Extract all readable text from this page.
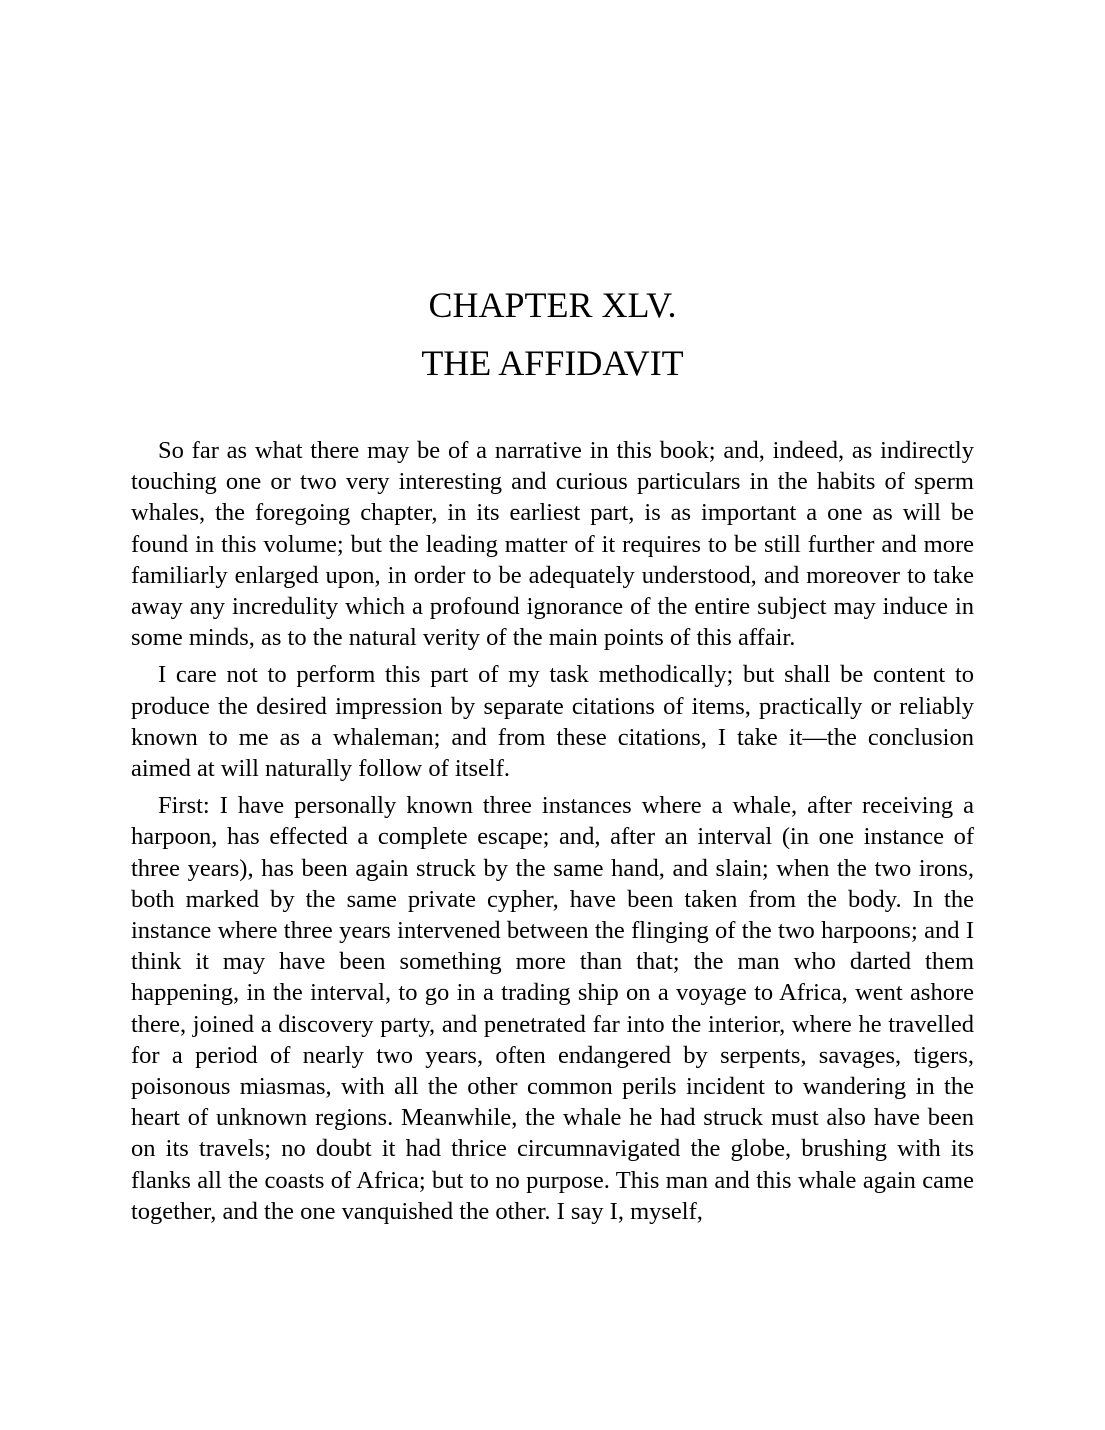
CHAPTER XLV.
THE AFFIDAVIT

So far as what there may be of a narrative in this book; and, indeed, as indirectly touching one or two very interesting and curious particulars in the habits of sperm whales, the foregoing chapter, in its earliest part, is as important a one as will be found in this volume; but the leading matter of it requires to be still further and more familiarly enlarged upon, in order to be adequately understood, and moreover to take away any incredulity which a profound ignorance of the entire subject may induce in some minds, as to the natural verity of the main points of this affair.

I care not to perform this part of my task methodically; but shall be content to produce the desired impression by separate citations of items, practically or reliably known to me as a whaleman; and from these citations, I take it—the conclusion aimed at will naturally follow of itself.

First: I have personally known three instances where a whale, after receiving a harpoon, has effected a complete escape; and, after an interval (in one instance of three years), has been again struck by the same hand, and slain; when the two irons, both marked by the same private cypher, have been taken from the body. In the instance where three years intervened between the flinging of the two harpoons; and I think it may have been something more than that; the man who darted them happening, in the interval, to go in a trading ship on a voyage to Africa, went ashore there, joined a discovery party, and penetrated far into the interior, where he travelled for a period of nearly two years, often endangered by serpents, savages, tigers, poisonous miasmas, with all the other common perils incident to wandering in the heart of unknown regions. Meanwhile, the whale he had struck must also have been on its travels; no doubt it had thrice circumnavigated the globe, brushing with its flanks all the coasts of Africa; but to no purpose. This man and this whale again came together, and the one vanquished the other. I say I, myself,
